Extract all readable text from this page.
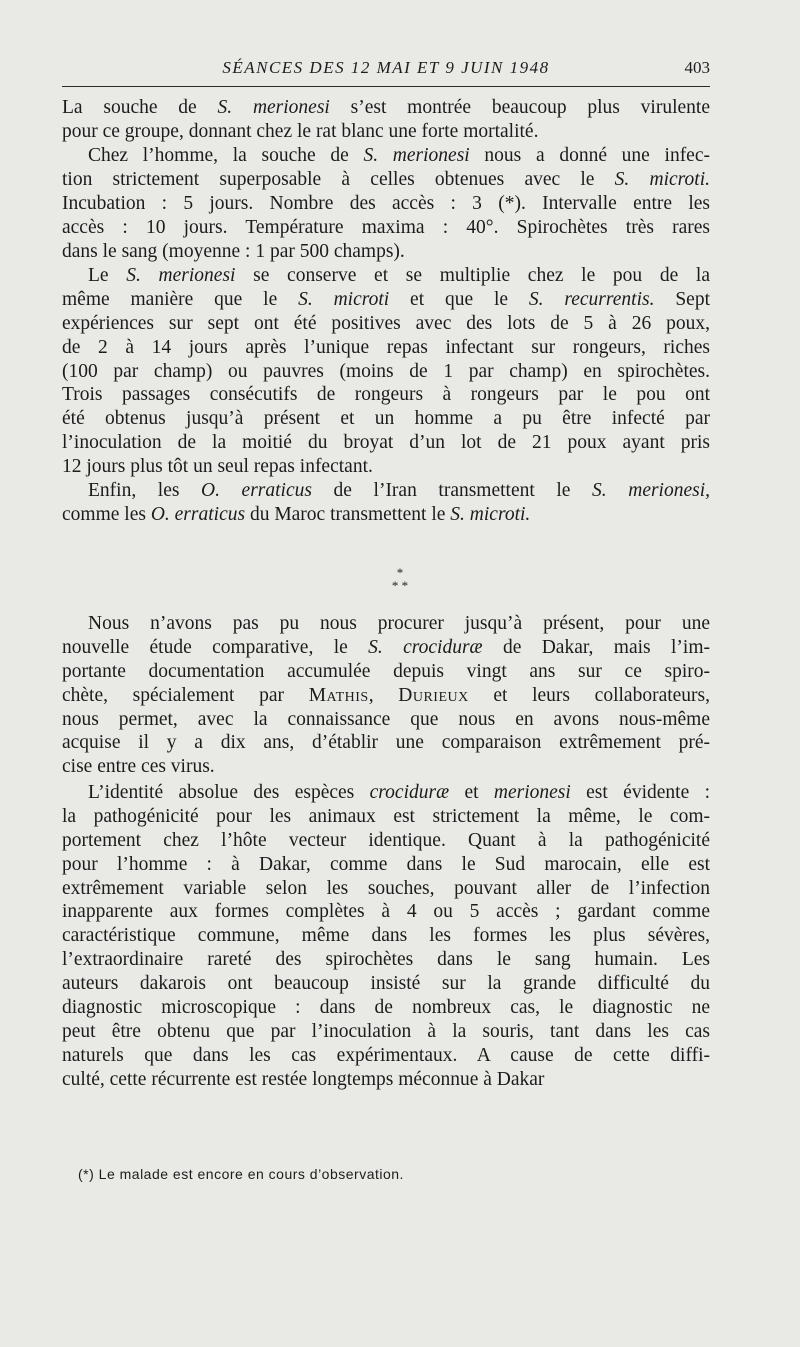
SÉANCES DES 12 MAI ET 9 JUIN 1948	403
La souche de S. merionesi s’est montrée beaucoup plus virulente
pour ce groupe, donnant chez le rat blanc une forte mortalité.
Chez l’homme, la souche de S. merionesi nous a donné une infec-
tion strictement superposable à celles obtenues avec le S. microti.
Incubation : 5 jours. Nombre des accès : 3 (*). Intervalle entre les
accès : 10 jours. Température maxima : 40°. Spirochètes très rares
dans le sang (moyenne : 1 par 500 champs).
Le S. merionesi se conserve et se multiplie chez le pou de la
même manière que le S. microti et que le S. recurrentis. Sept
expériences sur sept ont été positives avec des lots de 5 à 26 poux,
de 2 à 14 jours après l’unique repas infectant sur rongeurs, riches
(100 par champ) ou pauvres (moins de 1 par champ) en spirochètes.
Trois passages consécutifs de rongeurs à rongeurs par le pou ont
été obtenus jusqu’à présent et un homme a pu être infecté par
l’inoculation de la moitié du broyat d’un lot de 21 poux ayant pris
12 jours plus tôt un seul repas infectant.
Enfin, les O. erraticus de l’Iran transmettent le S. merionesi,
comme les O. erraticus du Maroc transmettent le S. microti.
*
* *
Nous n’avons pas pu nous procurer jusqu’à présent, pour une
nouvelle étude comparative, le S. crociduræ de Dakar, mais l’im-
portante documentation accumulée depuis vingt ans sur ce spiro-
chète, spécialement par Mathis, Durieux et leurs collaborateurs,
nous permet, avec la connaissance que nous en avons nous-même
acquise il y a dix ans, d’établir une comparaison extrêmement pré-
cise entre ces virus.
L’identité absolue des espèces crociduræ et merionesi est évidente :
la pathogénicité pour les animaux est strictement la même, le com-
portement chez l’hôte vecteur identique. Quant à la pathogénicité
pour l’homme : à Dakar, comme dans le Sud marocain, elle est
extrêmement variable selon les souches, pouvant aller de l’infection
inapparente aux formes complètes à 4 ou 5 accès ; gardant comme
caractéristique commune, même dans les formes les plus sévères,
l’extraordinaire rareté des spirochètes dans le sang humain. Les
auteurs dakarois ont beaucoup insisté sur la grande difficulté du
diagnostic microscopique : dans de nombreux cas, le diagnostic ne
peut être obtenu que par l’inoculation à la souris, tant dans les cas
naturels que dans les cas expérimentaux. A cause de cette diffi-
culté, cette récurrente est restée longtemps méconnue à Dakar
(*) Le malade est encore en cours d’observation.
